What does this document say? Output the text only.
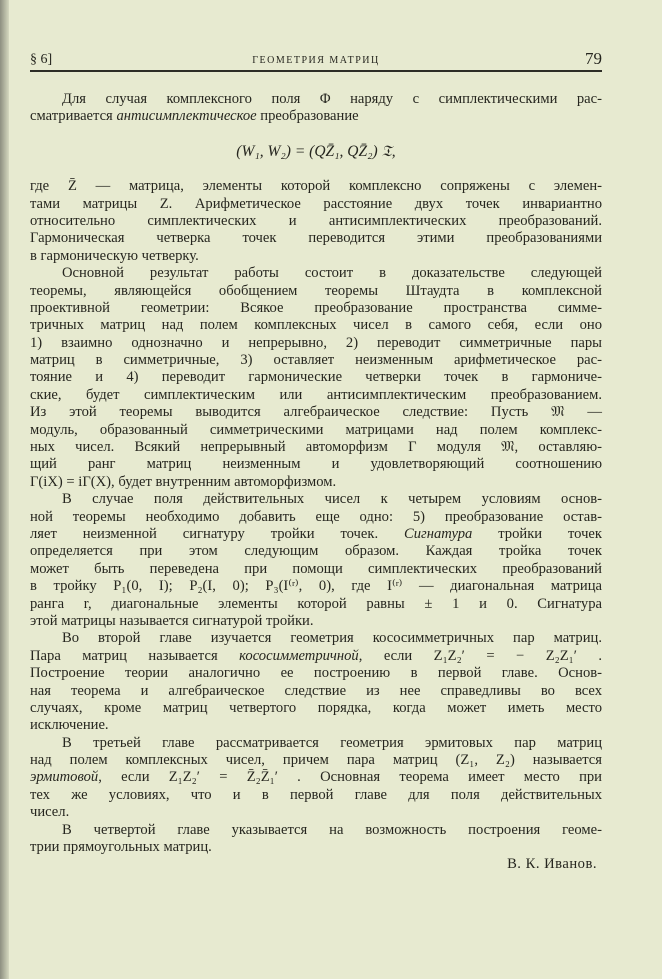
§ 6]	ГЕОМЕТРИЯ МАТРИЦ	79
Для случая комплексного поля Φ наряду с симплектическими рас-
сматривается антисимплектическое преобразование
(W₁, W₂) = (QZ̄₁, QZ̄₂) 𝔗,
где Z̄ — матрица, элементы которой комплексно сопряжены с элемен-
тами матрицы Z. Арифметическое расстояние двух точек инвариантно
относительно симплектических и антисимплектических преобразований.
Гармоническая четверка точек переводится этими преобразованиями
в гармоническую четверку.
Основной результат работы состоит в доказательстве следующей
теоремы, являющейся обобщением теоремы Штаудта в комплексной
проективной геометрии: Всякое преобразование пространства симме-
тричных матриц над полем комплексных чисел в самого себя, если оно
1) взаимно однозначно и непрерывно, 2) переводит симметричные пары
матриц в симметричные, 3) оставляет неизменным арифметическое рас-
тояние и 4) переводит гармонические четверки точек в гармониче-
ские, будет симплектическим или антисимплектическим преобразованием.
Из этой теоремы выводится алгебраическое следствие: Пусть 𝔐 —
модуль, образованный симметрическими матрицами над полем комплекс-
ных чисел. Всякий непрерывный автоморфизм Γ модуля 𝔐, оставляю-
щий ранг матриц неизменным и удовлетворяющий соотношению
Γ(iX) = iΓ(X), будет внутренним автоморфизмом.
В случае поля действительных чисел к четырем условиям основ-
ной теоремы необходимо добавить еще одно: 5) преобразование остав-
ляет неизменной сигнатуру тройки точек. Сигнатура тройки точек
определяется при этом следующим образом. Каждая тройка точек
может быть переведена при помощи симплектических преобразований
в тройку P₁(0, I); P₂(I, 0); P₃(I⁽ʳ⁾, 0), где I⁽ʳ⁾ — диагональная матрица
ранга r, диагональные элементы которой равны ± 1 и 0. Сигнатура
этой матрицы называется сигнатурой тройки.
Во второй главе изучается геометрия кососимметричных пар матриц.
Пара матриц называется кососимметричной, если Z₁Z₂′ = − Z₂Z₁′ .
Построение теории аналогично ее построению в первой главе. Основ-
ная теорема и алгебраическое следствие из нее справедливы во всех
случаях, кроме матриц четвертого порядка, когда может иметь место
исключение.
В третьей главе рассматривается геометрия эрмитовых пар матриц
над полем комплексных чисел, причем пара матриц (Z₁, Z₂) называется
эрмитовой, если Z₁Z₂′ = Z̄₂Z̄₁′ . Основная теорема имеет место при
тех же условиях, что и в первой главе для поля действительных
чисел.
В четвертой главе указывается на возможность построения геоме-
трии прямоугольных матриц.
В. К. Иванов.
